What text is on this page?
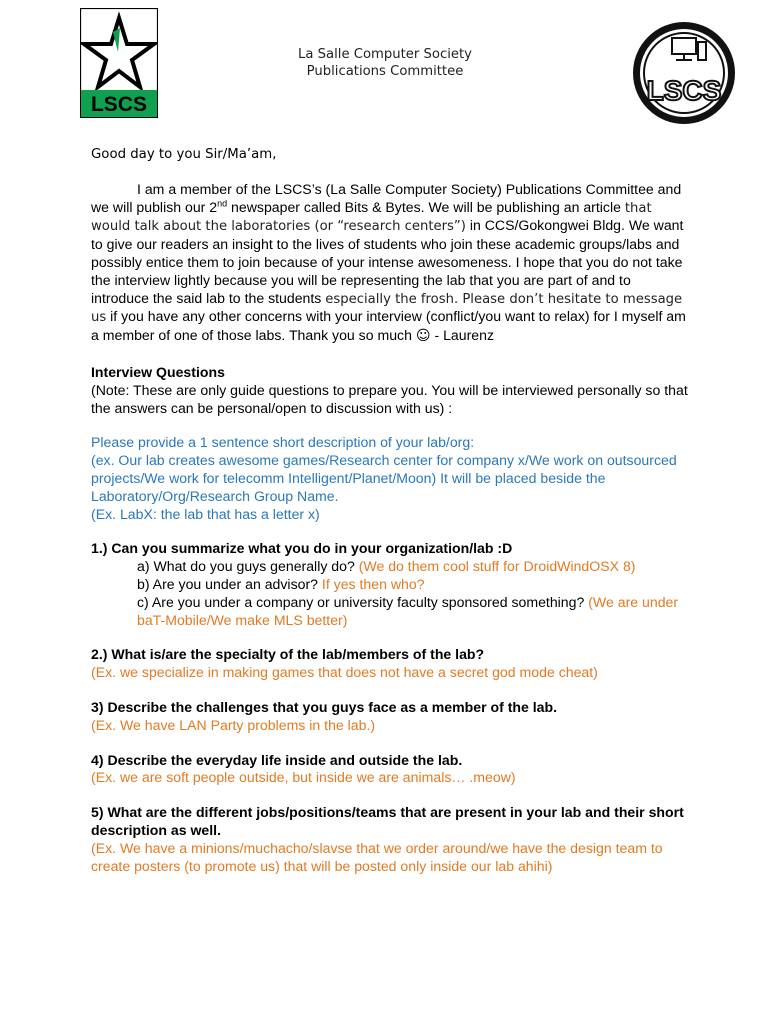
LSCS
La Salle Computer Society
Publications Committee
LSCS

Good day to you Sir/Ma’am,

I am a member of the LSCS’s (La Salle Computer Society) Publications Committee and we will publish our 2nd newspaper called Bits & Bytes. We will be publishing an article that would talk about the laboratories (or “research centers”) in CCS/Gokongwei Bldg. We want to give our readers an insight to the lives of students who join these academic groups/labs and possibly entice them to join because of your intense awesomeness. I hope that you do not take the interview lightly because you will be representing the lab that you are part of and to introduce the said lab to the students especially the frosh. Please don’t hesitate to message us if you have any other concerns with your interview (conflict/you want to relax) for I myself am a member of one of those labs. Thank you so much ☺ - Laurenz

Interview Questions

(Note: These are only guide questions to prepare you. You will be interviewed personally so that the answers can be personal/open to discussion with us) :

Please provide a 1 sentence short description of your lab/org:

(ex. Our lab creates awesome games/Research center for company x/We work on outsourced projects/We work for telecomm Intelligent/Planet/Moon) It will be placed beside the Laboratory/Org/Research Group Name.

(Ex. LabX: the lab that has a letter x)

1.) Can you summarize what you do in your organization/lab :D

a) What do you guys generally do? (We do them cool stuff for DroidWindOSX 8)

b) Are you under an advisor? If yes then who?

c) Are you under a company or university faculty sponsored something? (We are under baT-Mobile/We make MLS better)

2.) What is/are the specialty of the lab/members of the lab?

(Ex. we specialize in making games that does not have a secret god mode cheat)

3) Describe the challenges that you guys face as a member of the lab.

(Ex. We have LAN Party problems in the lab.)

4) Describe the everyday life inside and outside the lab.

(Ex. we are soft people outside, but inside we are animals… .meow)

5) What are the different jobs/positions/teams that are present in your lab and their short description as well.

(Ex. We have a minions/muchacho/slavse that we order around/we have the design team to create posters (to promote us) that will be posted only inside our lab ahihi)
